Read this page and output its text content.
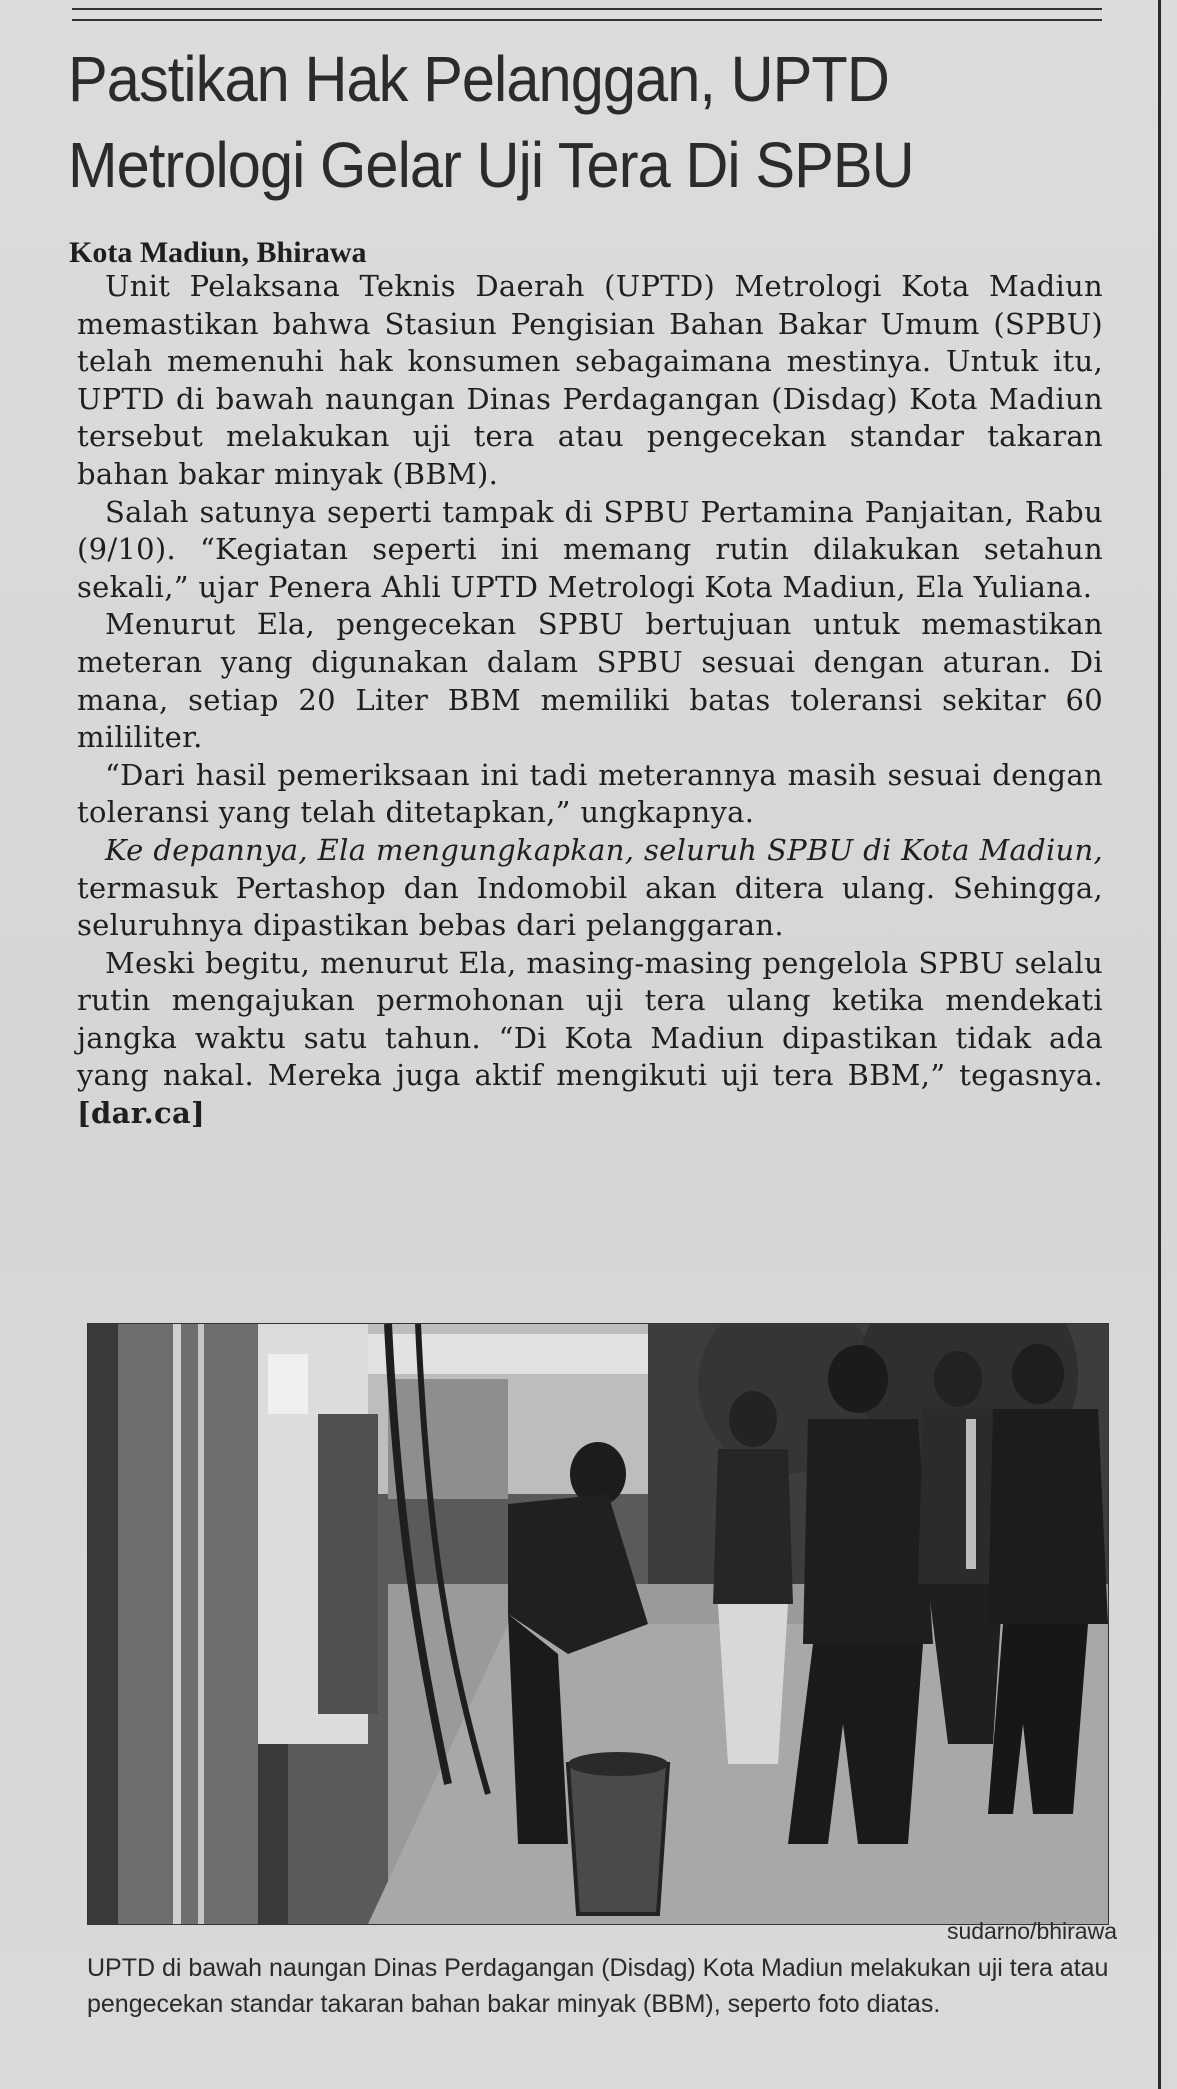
Pastikan Hak Pelanggan, UPTD
Metrologi Gelar Uji Tera Di SPBU

Kota Madiun, Bhirawa

Unit Pelaksana Teknis Daerah (UPTD) Metrologi Kota Madiun memastikan bahwa Stasiun Pengisian Bahan Bakar Umum (SPBU) telah memenuhi hak konsumen sebagaimana mestinya. Untuk itu, UPTD di bawah naungan Dinas Perdagangan (Disdag) Kota Madiun tersebut melakukan uji tera atau pengecekan standar takaran bahan bakar minyak (BBM).

Salah satunya seperti tampak di SPBU Pertamina Panjaitan, Rabu (9/10). “Kegiatan seperti ini memang rutin dilakukan setahun sekali,” ujar Penera Ahli UPTD Metrologi Kota Madiun, Ela Yuliana.

Menurut Ela, pengecekan SPBU bertujuan untuk memastikan meteran yang digunakan dalam SPBU sesuai dengan aturan. Di mana, setiap 20 Liter BBM memiliki batas toleransi sekitar 60 mililiter.

“Dari hasil pemeriksaan ini tadi meterannya masih sesuai dengan toleransi yang telah ditetapkan,” ungkapnya.

Ke depannya, Ela mengungkapkan, seluruh SPBU di Kota Madiun, termasuk Pertashop dan Indomobil akan ditera ulang. Sehingga, seluruhnya dipastikan bebas dari pelanggaran.

Meski begitu, menurut Ela, masing-masing pengelola SPBU selalu rutin mengajukan permohonan uji tera ulang ketika mendekati jangka waktu satu tahun. “Di Kota Madiun dipastikan tidak ada yang nakal. Mereka juga aktif mengikuti uji tera BBM,” tegasnya. [dar.ca]

sudarno/bhirawa

UPTD di bawah naungan Dinas Perdagangan (Disdag) Kota Madiun melakukan uji tera atau pengecekan standar takaran bahan bakar minyak (BBM), seperto foto diatas.
